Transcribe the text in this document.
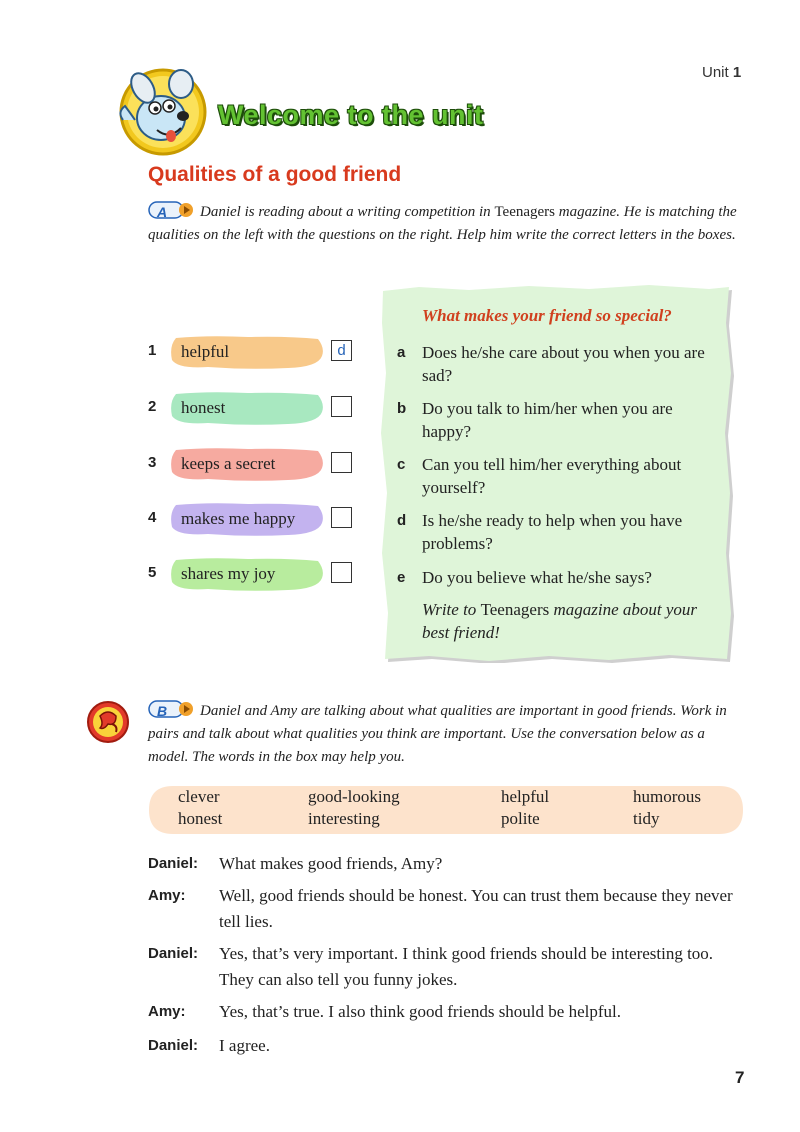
Unit 1
Welcome to the unit
Qualities of a good friend
A Daniel is reading about a writing competition in Teenagers magazine. He is matching the qualities on the left with the questions on the right. Help him write the correct letters in the boxes.
1 helpful	d
2 honest
3 keeps a secret
4 makes me happy
5 shares my joy
What makes your friend so special?
a Does he/she care about you when you are sad?
b Do you talk to him/her when you are happy?
c Can you tell him/her everything about yourself?
d Is he/she ready to help when you have problems?
e Do you believe what he/she says?
Write to Teenagers magazine about your best friend!
B Daniel and Amy are talking about what qualities are important in good friends. Work in pairs and talk about what qualities you think are important. Use the conversation below as a model. The words in the box may help you.
clever	good-looking	helpful	humorous
honest	interesting	polite	tidy
Daniel: What makes good friends, Amy?
Amy: Well, good friends should be honest. You can trust them because they never tell lies.
Daniel: Yes, that’s very important. I think good friends should be interesting too. They can also tell you funny jokes.
Amy: Yes, that’s true. I also think good friends should be helpful.
Daniel: I agree.
7
